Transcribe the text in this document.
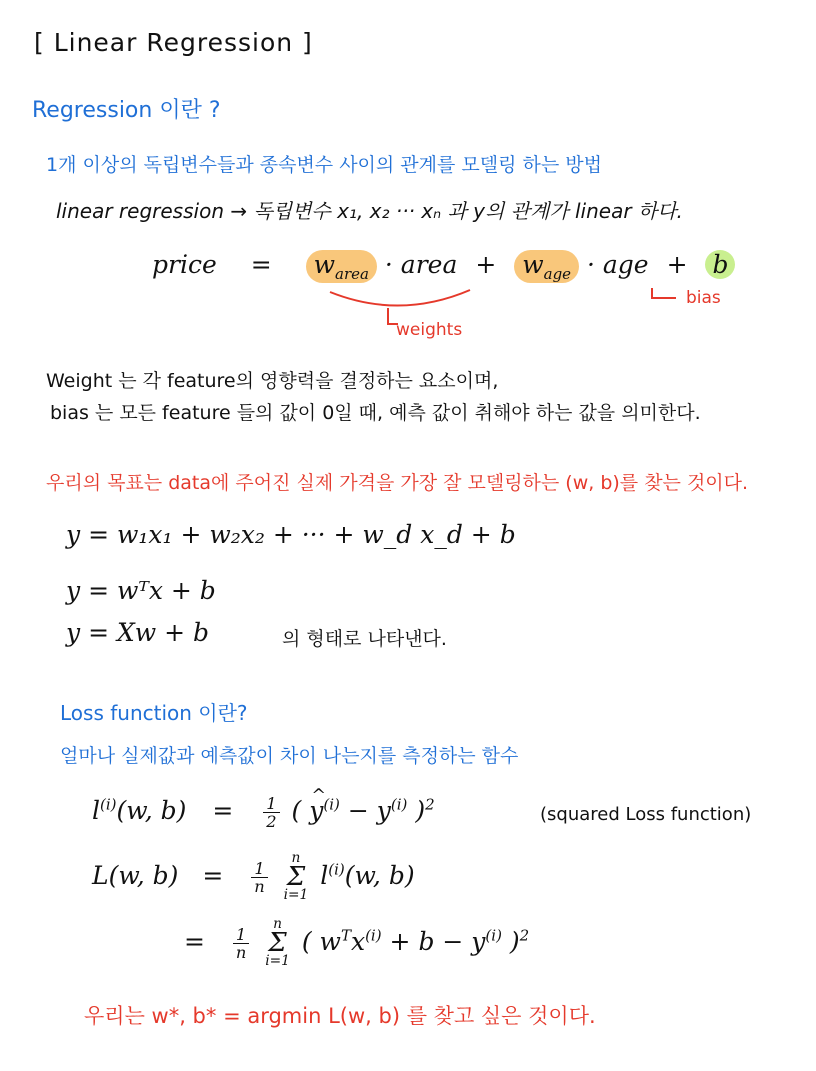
[ Linear Regression ]
Regression 이란 ?
1개 이상의 독립변수들과 종속변수 사이의 관계를 모델링 하는 방법
linear regression → 독립변수 x₁, x₂ ··· xₙ 과 y의 관계가 linear 하다.
price = $w_{area}$ · area + $w_{age}$ · age + b
bias
weights
Weight 는 각 feature의 영향력을 결정하는 요소이며,
bias 는 모든 feature 들의 값이 0일 때, 예측 값이 취해야 하는 값을 의미한다.
우리의 목표는 data에 주어진 실제 가격을 가장 잘 모델링하는 (w, b)를 찾는 것이다.
y = w₁x₁ + w₂x₂ + ··· + w_d x_d + b
y = wᵀx + b
y = Xw + b	의 형태로 나타낸다.
Loss function 이란?
얼마나 실제값과 예측값이 차이 나는지를 측정하는 함수
$l^{(i)}(w$, $b) = \frac{1}{2}$ ( ^ $y^{(i)} - y^{(i)}$ )$^2$	(squared Loss function)
L(w, $b) = \frac{1}{n}$

n
Σ
i=1
$l^{(i)}(w$, b)
= $\frac{1}{n}$

n
Σ
i=1
( $w^Tx^{(i)} + b - y^{(i)}$ )$^2$
우리는 w*, b* = argmin L(w, b) 를 찾고 싶은 것이다.
